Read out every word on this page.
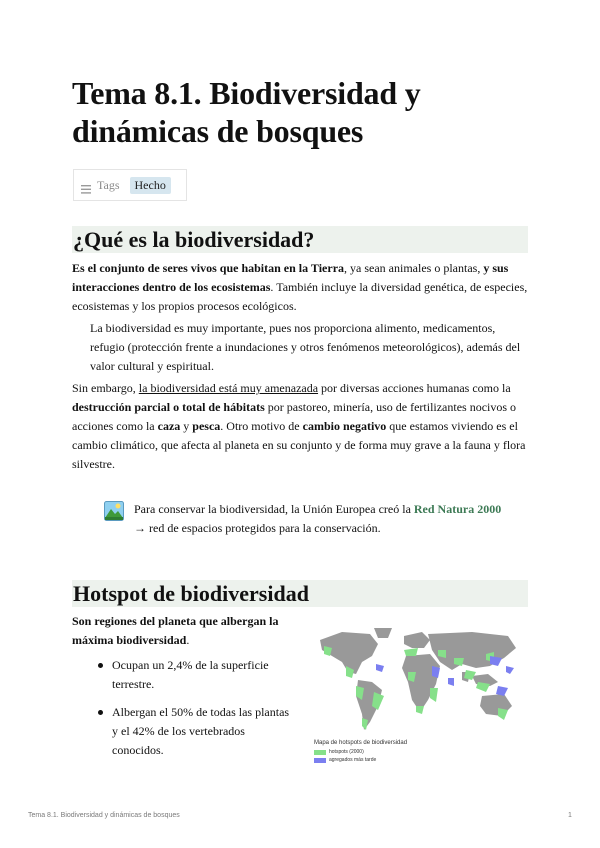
Tema 8.1. Biodiversidad y
dinámicas de bosques
Tags	Hecho
¿Qué es la biodiversidad?

Es el conjunto de seres vivos que habitan en la Tierra, ya sean animales o plantas, y sus interacciones dentro de los ecosistemas. También incluye la diversidad genética, de especies, ecosistemas y los propios procesos ecológicos.

La biodiversidad es muy importante, pues nos proporciona alimento, medicamentos, refugio (protección frente a inundaciones y otros fenómenos meteorológicos), además del valor cultural y espiritual.

Sin embargo, la biodiversidad está muy amenazada por diversas acciones humanas como la destrucción parcial o total de hábitats por pastoreo, minería, uso de fertilizantes nocivos o acciones como la caza y pesca. Otro motivo de cambio negativo que estamos viviendo es el cambio climático, que afecta al planeta en su conjunto y de forma muy grave a la fauna y flora silvestre.

Para conservar la biodiversidad, la Unión Europea creó la Red Natura 2000
→ red de espacios protegidos para la conservación.
Hotspot de biodiversidad

Son regiones del planeta que albergan la máxima biodiversidad.

Ocupan un 2,4% de la superficie terrestre.
Albergan el 50% de todas las plantas y el 42% de los vertebrados conocidos.	Mapa de hotspots de biodiversidad
hotspots (2000)
agregados más tarde
Tema 8.1. Biodiversidad y dinámicas de bosques	1
